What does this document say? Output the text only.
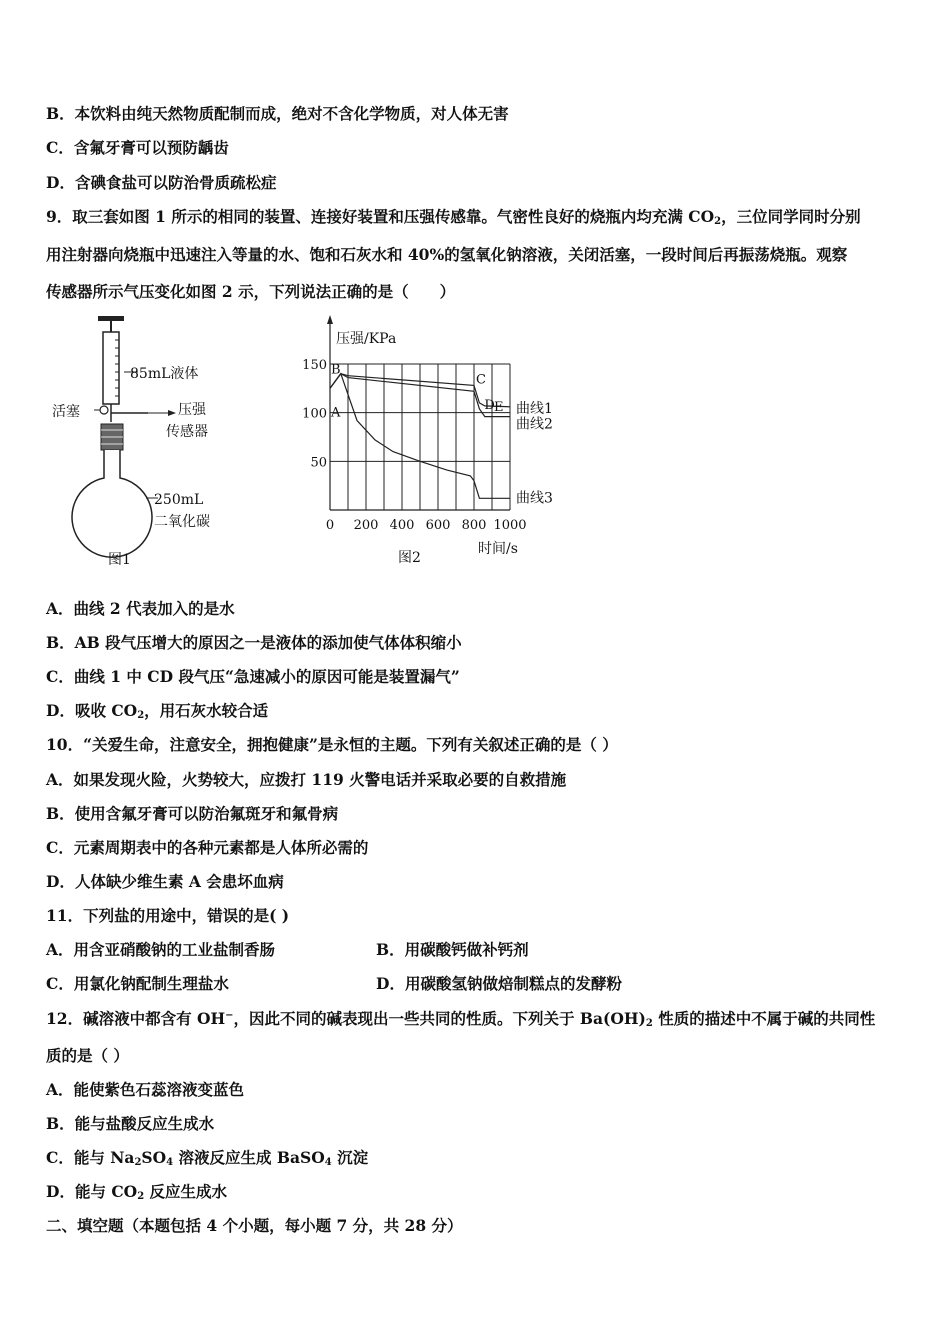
B．本饮料由纯天然物质配制而成，绝对不含化学物质，对人体无害
C．含氟牙膏可以预防龋齿
D．含碘食盐可以防治骨质疏松症
9．取三套如图 1 所示的相同的装置、连接好装置和压强传感靠。气密性良好的烧瓶内均充满 $CO_2$，三位同学同时分别
用注射器向烧瓶中迅速注入等量的水、饱和石灰水和 40%的氢氧化钠溶液，关闭活塞，一段时间后再振荡烧瓶。观察
传感器所示气压变化如图 2 示，下列说法正确的是（　　）
85mL液体
活塞	压强
传感器
250mL
二氧化碳
图1
0 200 400 600 800 1000
50
100
150
压强/KPa
时间/s
图2
曲线1
曲线2
曲线3
A
B
C
D E
A．曲线 2 代表加入的是水
B．AB 段气压增大的原因之一是液体的添加使气体体积缩小
C．曲线 1 中 CD 段气压“急速减小的原因可能是装置漏气”
D．吸收 $CO_2$，用石灰水较合适
10．“关爱生命，注意安全，拥抱健康”是永恒的主题。下列有关叙述正确的是（ ）
A．如果发现火险，火势较大，应拨打 119 火警电话并采取必要的自救措施
B．使用含氟牙膏可以防治氟斑牙和氟骨病
C．元素周期表中的各种元素都是人体所必需的
D．人体缺少维生素 A 会患坏血病
11．下列盐的用途中，错误的是( )
A．用含亚硝酸钠的工业盐制香肠	B．用碳酸钙做补钙剂
C．用氯化钠配制生理盐水	D．用碳酸氢钠做焙制糕点的发酵粉
12．碱溶液中都含有 OH−，因此不同的碱表现出一些共同的性质。下列关于 $Ba(OH)_2$ 性质的描述中不属于碱的共同性
质的是（ ）
A．能使紫色石蕊溶液变蓝色
B．能与盐酸反应生成水
C．能与 $Na_2SO_4$ 溶液反应生成 BaSO$_4$ 沉淀
D．能与 $CO_2$ 反应生成水
二、填空题（本题包括 4 个小题，每小题 7 分，共 28 分）
